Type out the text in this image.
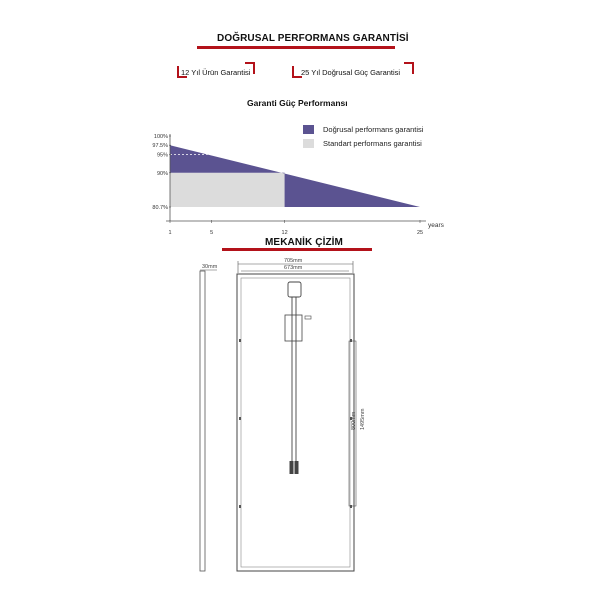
DOĞRUSAL PERFORMANS GARANTİSİ
12 Yıl Ürün Garantisi	25 Yıl Doğrusal Güç Garantisi
Garanti Güç Performansı
100%
97.5%
95%
90%
80.7%
1	5	12	25
years
Doğrusal performans garantisi
Standart performans garantisi
MEKANİK ÇİZİM
30mm
705mm
673mm
800mm 1495mm
